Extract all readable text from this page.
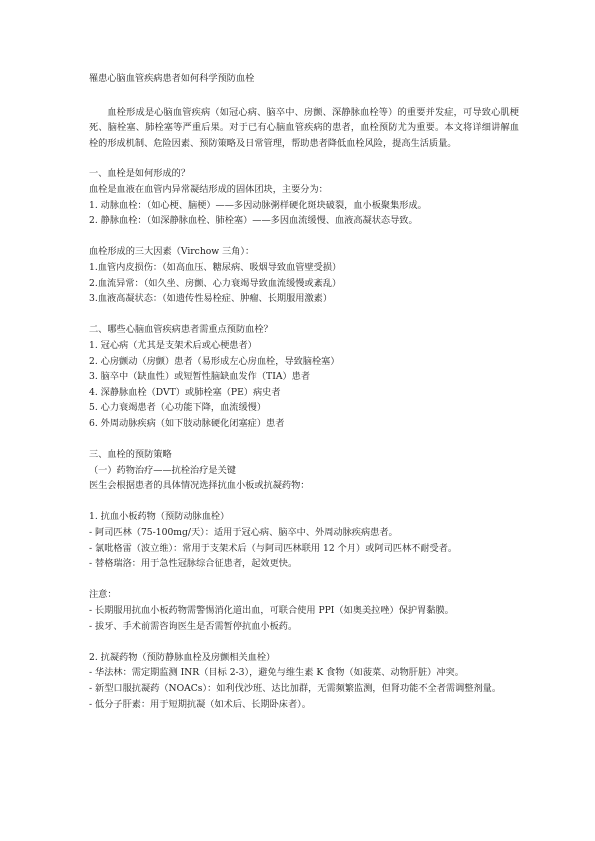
罹患心脑血管疾病患者如何科学预防血栓

血栓形成是心脑血管疾病（如冠心病、脑卒中、房颤、深静脉血栓等）的重要并发症，可导致心肌梗死、脑栓塞、肺栓塞等严重后果。对于已有心脑血管疾病的患者，血栓预防尤为重要。本文将详细讲解血栓的形成机制、危险因素、预防策略及日常管理，帮助患者降低血栓风险，提高生活质量。

一、血栓是如何形成的？

血栓是血液在血管内异常凝结形成的固体团块，主要分为：

1. 动脉血栓：（如心梗、脑梗）——多因动脉粥样硬化斑块破裂，血小板聚集形成。

2. 静脉血栓：（如深静脉血栓、肺栓塞）——多因血流缓慢、血液高凝状态导致。

血栓形成的三大因素（Virchow 三角）：

1.血管内皮损伤：（如高血压、糖尿病、吸烟导致血管壁受损）

2.血流异常：（如久坐、房颤、心力衰竭导致血流缓慢或紊乱）

3.血液高凝状态：（如遗传性易栓症、肿瘤、长期服用激素）

二、哪些心脑血管疾病患者需重点预防血栓？

1. 冠心病（尤其是支架术后或心梗患者）

2. 心房颤动（房颤）患者（易形成左心房血栓，导致脑栓塞）

3. 脑卒中（缺血性）或短暂性脑缺血发作（TIA）患者

4. 深静脉血栓（DVT）或肺栓塞（PE）病史者

5. 心力衰竭患者（心功能下降，血流缓慢）

6. 外周动脉疾病（如下肢动脉硬化闭塞症）患者

三、血栓的预防策略

（一）药物治疗——抗栓治疗是关键

医生会根据患者的具体情况选择抗血小板或抗凝药物：

1. 抗血小板药物（预防动脉血栓）

- 阿司匹林（75-100mg/天）：适用于冠心病、脑卒中、外周动脉疾病患者。

- 氯吡格雷（波立维）：常用于支架术后（与阿司匹林联用 12 个月）或阿司匹林不耐受者。

- 替格瑞洛：用于急性冠脉综合征患者，起效更快。

注意：

- 长期服用抗血小板药物需警惕消化道出血，可联合使用 PPI（如奥美拉唑）保护胃黏膜。

- 拔牙、手术前需咨询医生是否需暂停抗血小板药。

2. 抗凝药物（预防静脉血栓及房颤相关血栓）

- 华法林：需定期监测 INR（目标 2-3），避免与维生素 K 食物（如菠菜、动物肝脏）冲突。

- 新型口服抗凝药（NOACs）：如利伐沙班、达比加群，无需频繁监测，但肾功能不全者需调整剂量。

- 低分子肝素：用于短期抗凝（如术后、长期卧床者）。
